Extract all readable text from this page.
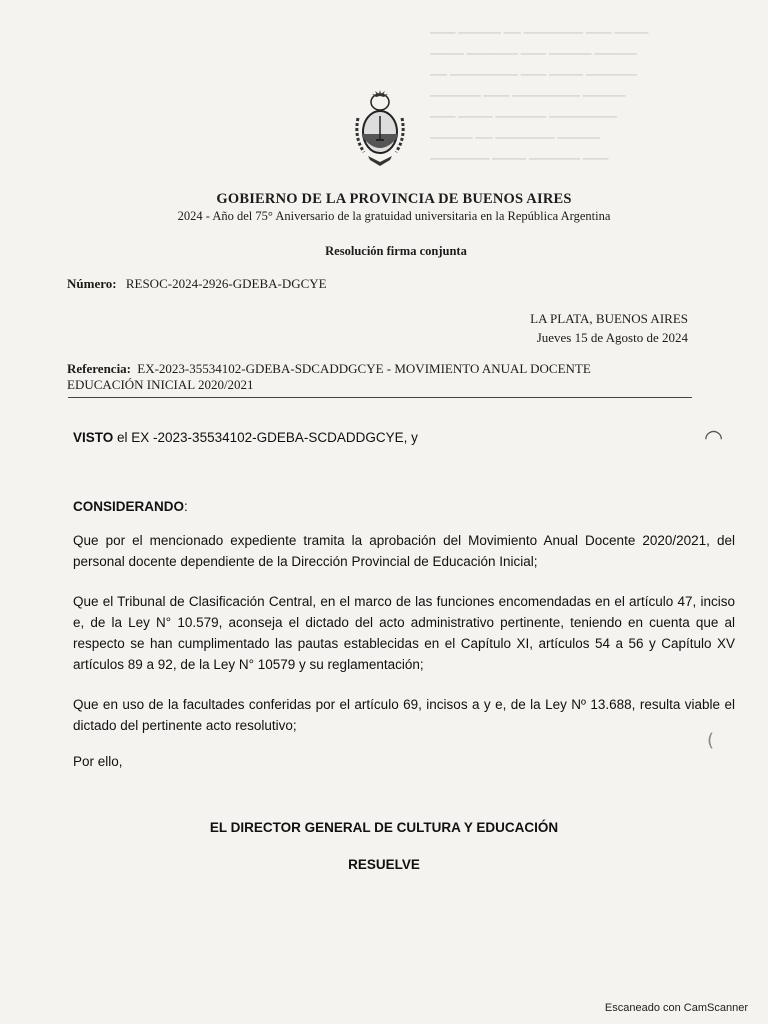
▁▁▁ ▁▁▁▁▁ ▁▁ ▁▁▁▁▁▁▁ ▁▁▁ ▁▁▁▁
▁▁▁▁ ▁▁▁▁▁▁ ▁▁▁ ▁▁▁▁▁ ▁▁▁▁▁
▁▁ ▁▁▁▁▁▁▁▁ ▁▁▁ ▁▁▁▁ ▁▁▁▁▁▁
▁▁▁▁▁▁ ▁▁▁ ▁▁▁▁▁▁▁▁ ▁▁▁▁▁
▁▁▁ ▁▁▁▁ ▁▁▁▁▁▁ ▁▁▁▁▁▁▁▁
▁▁▁▁▁ ▁▁ ▁▁▁▁▁▁▁ ▁▁▁▁▁
▁▁▁▁▁▁▁ ▁▁▁▁ ▁▁▁▁▁▁ ▁▁▁
GOBIERNO DE LA PROVINCIA DE BUENOS AIRES
2024 - Año del 75° Aniversario de la gratuidad universitaria en la República Argentina
Resolución firma conjunta
Número: RESOC-2024-2926-GDEBA-DGCYE
LA PLATA, BUENOS AIRES
Jueves 15 de Agosto de 2024
Referencia: EX-2023-35534102-GDEBA-SDCADDGCYE - MOVIMIENTO ANUAL DOCENTE
EDUCACIÓN INICIAL 2020/2021
VISTO el EX -2023-35534102-GDEBA-SCDADDGCYE, y
CONSIDERANDO:
Que por el mencionado expediente tramita la aprobación del Movimiento Anual Docente 2020/2021, del personal docente dependiente de la Dirección Provincial de Educación Inicial;
Que el Tribunal de Clasificación Central, en el marco de las funciones encomendadas en el artículo 47, inciso e, de la Ley N° 10.579, aconseja el dictado del acto administrativo pertinente, teniendo en cuenta que al respecto se han cumplimentado las pautas establecidas en el Capítulo XI, artículos 54 a 56 y Capítulo XV artículos 89 a 92, de la Ley N° 10579 y su reglamentación;
Que en uso de la facultades conferidas por el artículo 69, incisos a y e, de la Ley Nº 13.688, resulta viable el dictado del pertinente acto resolutivo;
Por ello,
EL DIRECTOR GENERAL DE CULTURA Y EDUCACIÓN
RESUELVE
◠
(
Escaneado con CamScanner
